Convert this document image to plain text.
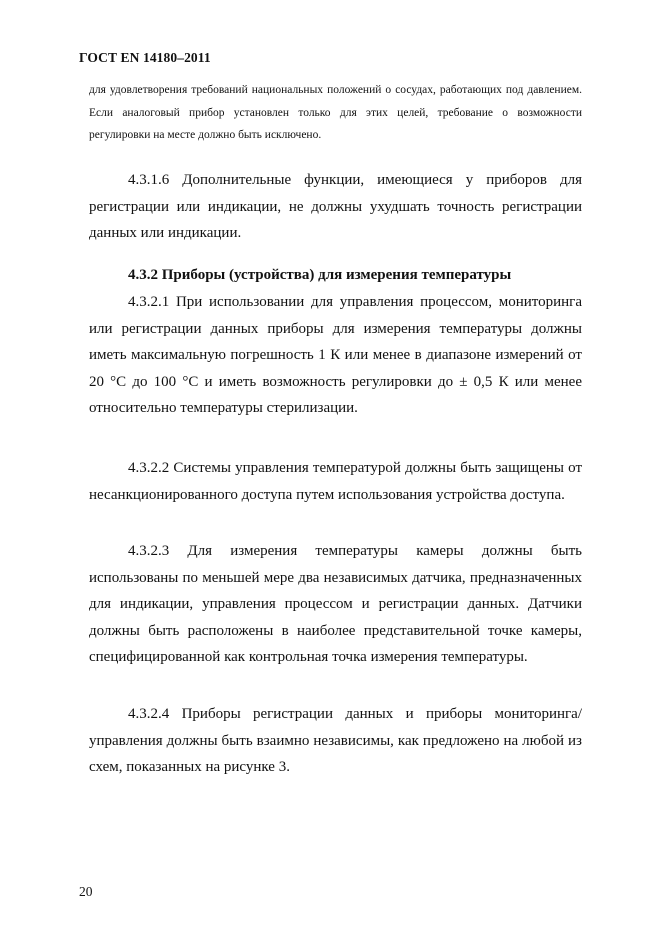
ГОСТ EN 14180–2011
для удовлетворения требований национальных положений о сосудах, работающих под давлением. Если аналоговый прибор установлен только для этих целей, требование о возможности регулировки на месте должно быть исключено.

4.3.1.6 Дополнительные функции, имеющиеся у приборов для регистрации или индикации, не должны ухудшать точность регистрации данных или индикации.

4.3.2 Приборы (устройства) для измерения температуры

4.3.2.1 При использовании для управления процессом, мониторинга или регистрации данных приборы для измерения температуры должны иметь максимальную погрешность 1 К или менее в диапазоне измерений от 20 °С до 100 °С и иметь возможность регулировки до ± 0,5 К или менее относительно температуры стерилизации.

4.3.2.2 Системы управления температурой должны быть защищены от несанкционированного доступа путем использования устройства доступа.

4.3.2.3 Для измерения температуры камеры должны быть использованы по меньшей мере два независимых датчика, предназначенных для индикации, управления процессом и регистрации данных. Датчики должны быть расположены в наиболее представительной точке камеры, специфицированной как контрольная точка измерения температуры.

4.3.2.4 Приборы регистрации данных и приборы мониторинга/управления должны быть взаимно независимы, как предложено на любой из схем, показанных на рисунке 3.

20
